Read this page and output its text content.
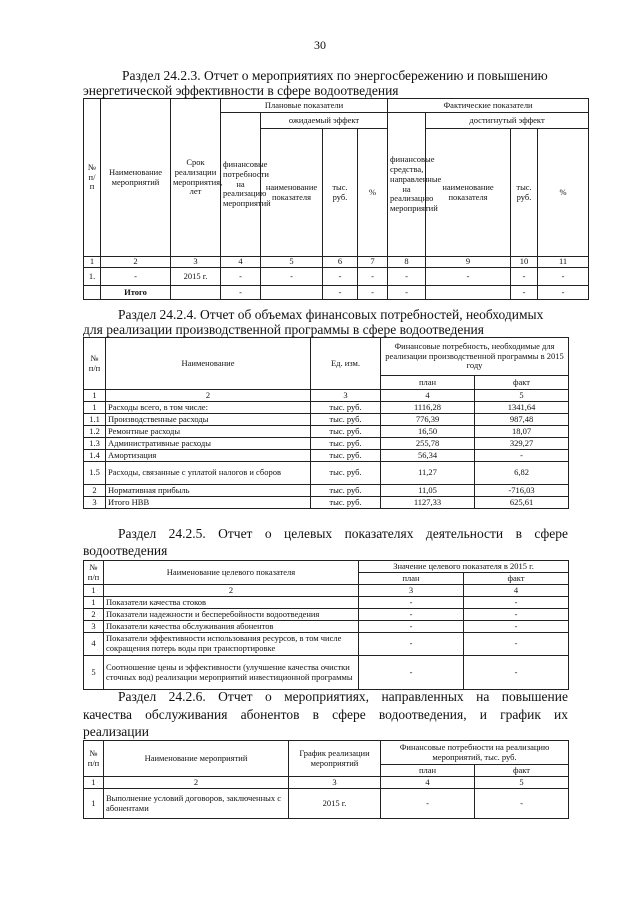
30
Раздел 24.2.3. Отчет о мероприятиях по энергосбережению и повышению
энергетической эффективности в сфере водоотведения
№ п/ п	Наименование мероприятий	Срок реализации мероприятия, лет	Плановые показатели				Фактические показатели			
			финансовые потребности на реализацию мероприятий	ожидаемый эффект			финансовые средства, направленные на реализацию мероприятий	достигнутый эффект		
				наименование показателя	тыс. руб.	%		наименование показателя	тыс. руб.	%
1	2	3	4	5	6	7	8	9	10	11
1.	-	2015 г.	-	-	-	-	-	-	-	-
	Итого		-		-	-	-		-	-
Раздел 24.2.4. Отчет об объемах финансовых потребностей, необходимых
для реализации производственной программы в сфере водоотведения
№ п/п	Наименование	Ед. изм.	Финансовые потребность, необходимые для реализации производственной программы в 2015 году	
			план	факт
1	2	3	4	5
1	Расходы всего, в том числе:	тыс. руб.	1116,28	1341,64
1.1	Производственные расходы	тыс. руб.	776,39	987,48
1.2	Ремонтные расходы	тыс. руб.	16,50	18,07
1.3	Административные расходы	тыс. руб.	255,78	329,27
1.4	Амортизация	тыс. руб.	56,34	-
1.5	Расходы, связанные с уплатой налогов и сборов	тыс. руб.	11,27	6,82
2	Нормативная прибыль	тыс. руб.	11,05	-716,03
3	Итого НВВ	тыс. руб.	1127,33	625,61
Раздел 24.2.5. Отчет о целевых показателях деятельности в сфере
водоотведения
№ п/п	Наименование целевого показателя	Значение целевого показателя в 2015 г.	
		план	факт
1	2	3	4
1	Показатели качества стоков	-	-
2	Показатели надежности и бесперебойности водоотведения	-	-
3	Показатели качества обслуживания абонентов	-	-
4	Показатели эффективности использования ресурсов, в том числе сокращения потерь воды при транспортировке	-	-
5	Соотношение цены и эффективности (улучшение качества очистки сточных вод) реализации мероприятий инвестиционной программы	-	-
Раздел 24.2.6. Отчет о мероприятиях, направленных на повышение
качества обслуживания абонентов в сфере водоотведения, и график их
реализации
№ п/п	Наименование мероприятий	График реализации мероприятий	Финансовые потребности на реализацию мероприятий, тыс. руб.	
			план	факт
1	2	3	4	5
1	Выполнение условий договоров, заключенных с абонентами	2015 г.	-	-
